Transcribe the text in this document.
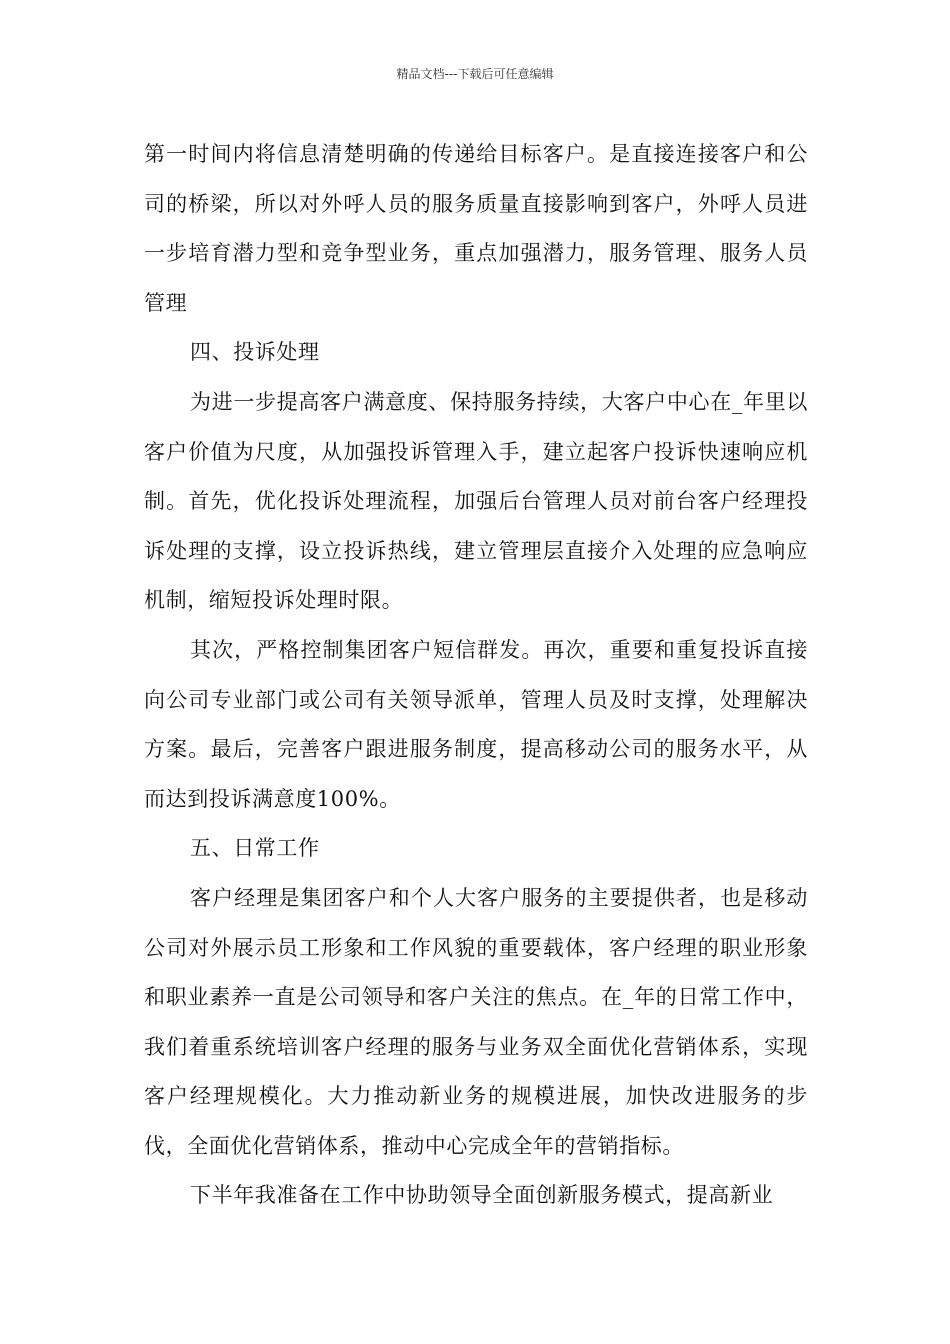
精品文档---下载后可任意编辑

第一时间内将信息清楚明确的传递给目标客户。是直接连接客户和公司的桥梁，所以对外呼人员的服务质量直接影响到客户，外呼人员进一步培育潜力型和竞争型业务，重点加强潜力，服务管理、服务人员管理

四、投诉处理

为进一步提高客户满意度、保持服务持续，大客户中心在_年里以客户价值为尺度，从加强投诉管理入手，建立起客户投诉快速响应机制。首先，优化投诉处理流程，加强后台管理人员对前台客户经理投诉处理的支撑，设立投诉热线，建立管理层直接介入处理的应急响应机制，缩短投诉处理时限。

其次，严格控制集团客户短信群发。再次，重要和重复投诉直接向公司专业部门或公司有关领导派单，管理人员及时支撑，处理解决方案。最后，完善客户跟进服务制度，提高移动公司的服务水平，从而达到投诉满意度100%。

五、日常工作

客户经理是集团客户和个人大客户服务的主要提供者，也是移动公司对外展示员工形象和工作风貌的重要载体，客户经理的职业形象和职业素养一直是公司领导和客户关注的焦点。在_年的日常工作中，我们着重系统培训客户经理的服务与业务双全面优化营销体系，实现客户经理规模化。大力推动新业务的规模进展，加快改进服务的步伐，全面优化营销体系，推动中心完成全年的营销指标。

下半年我准备在工作中协助领导全面创新服务模式，提高新业
